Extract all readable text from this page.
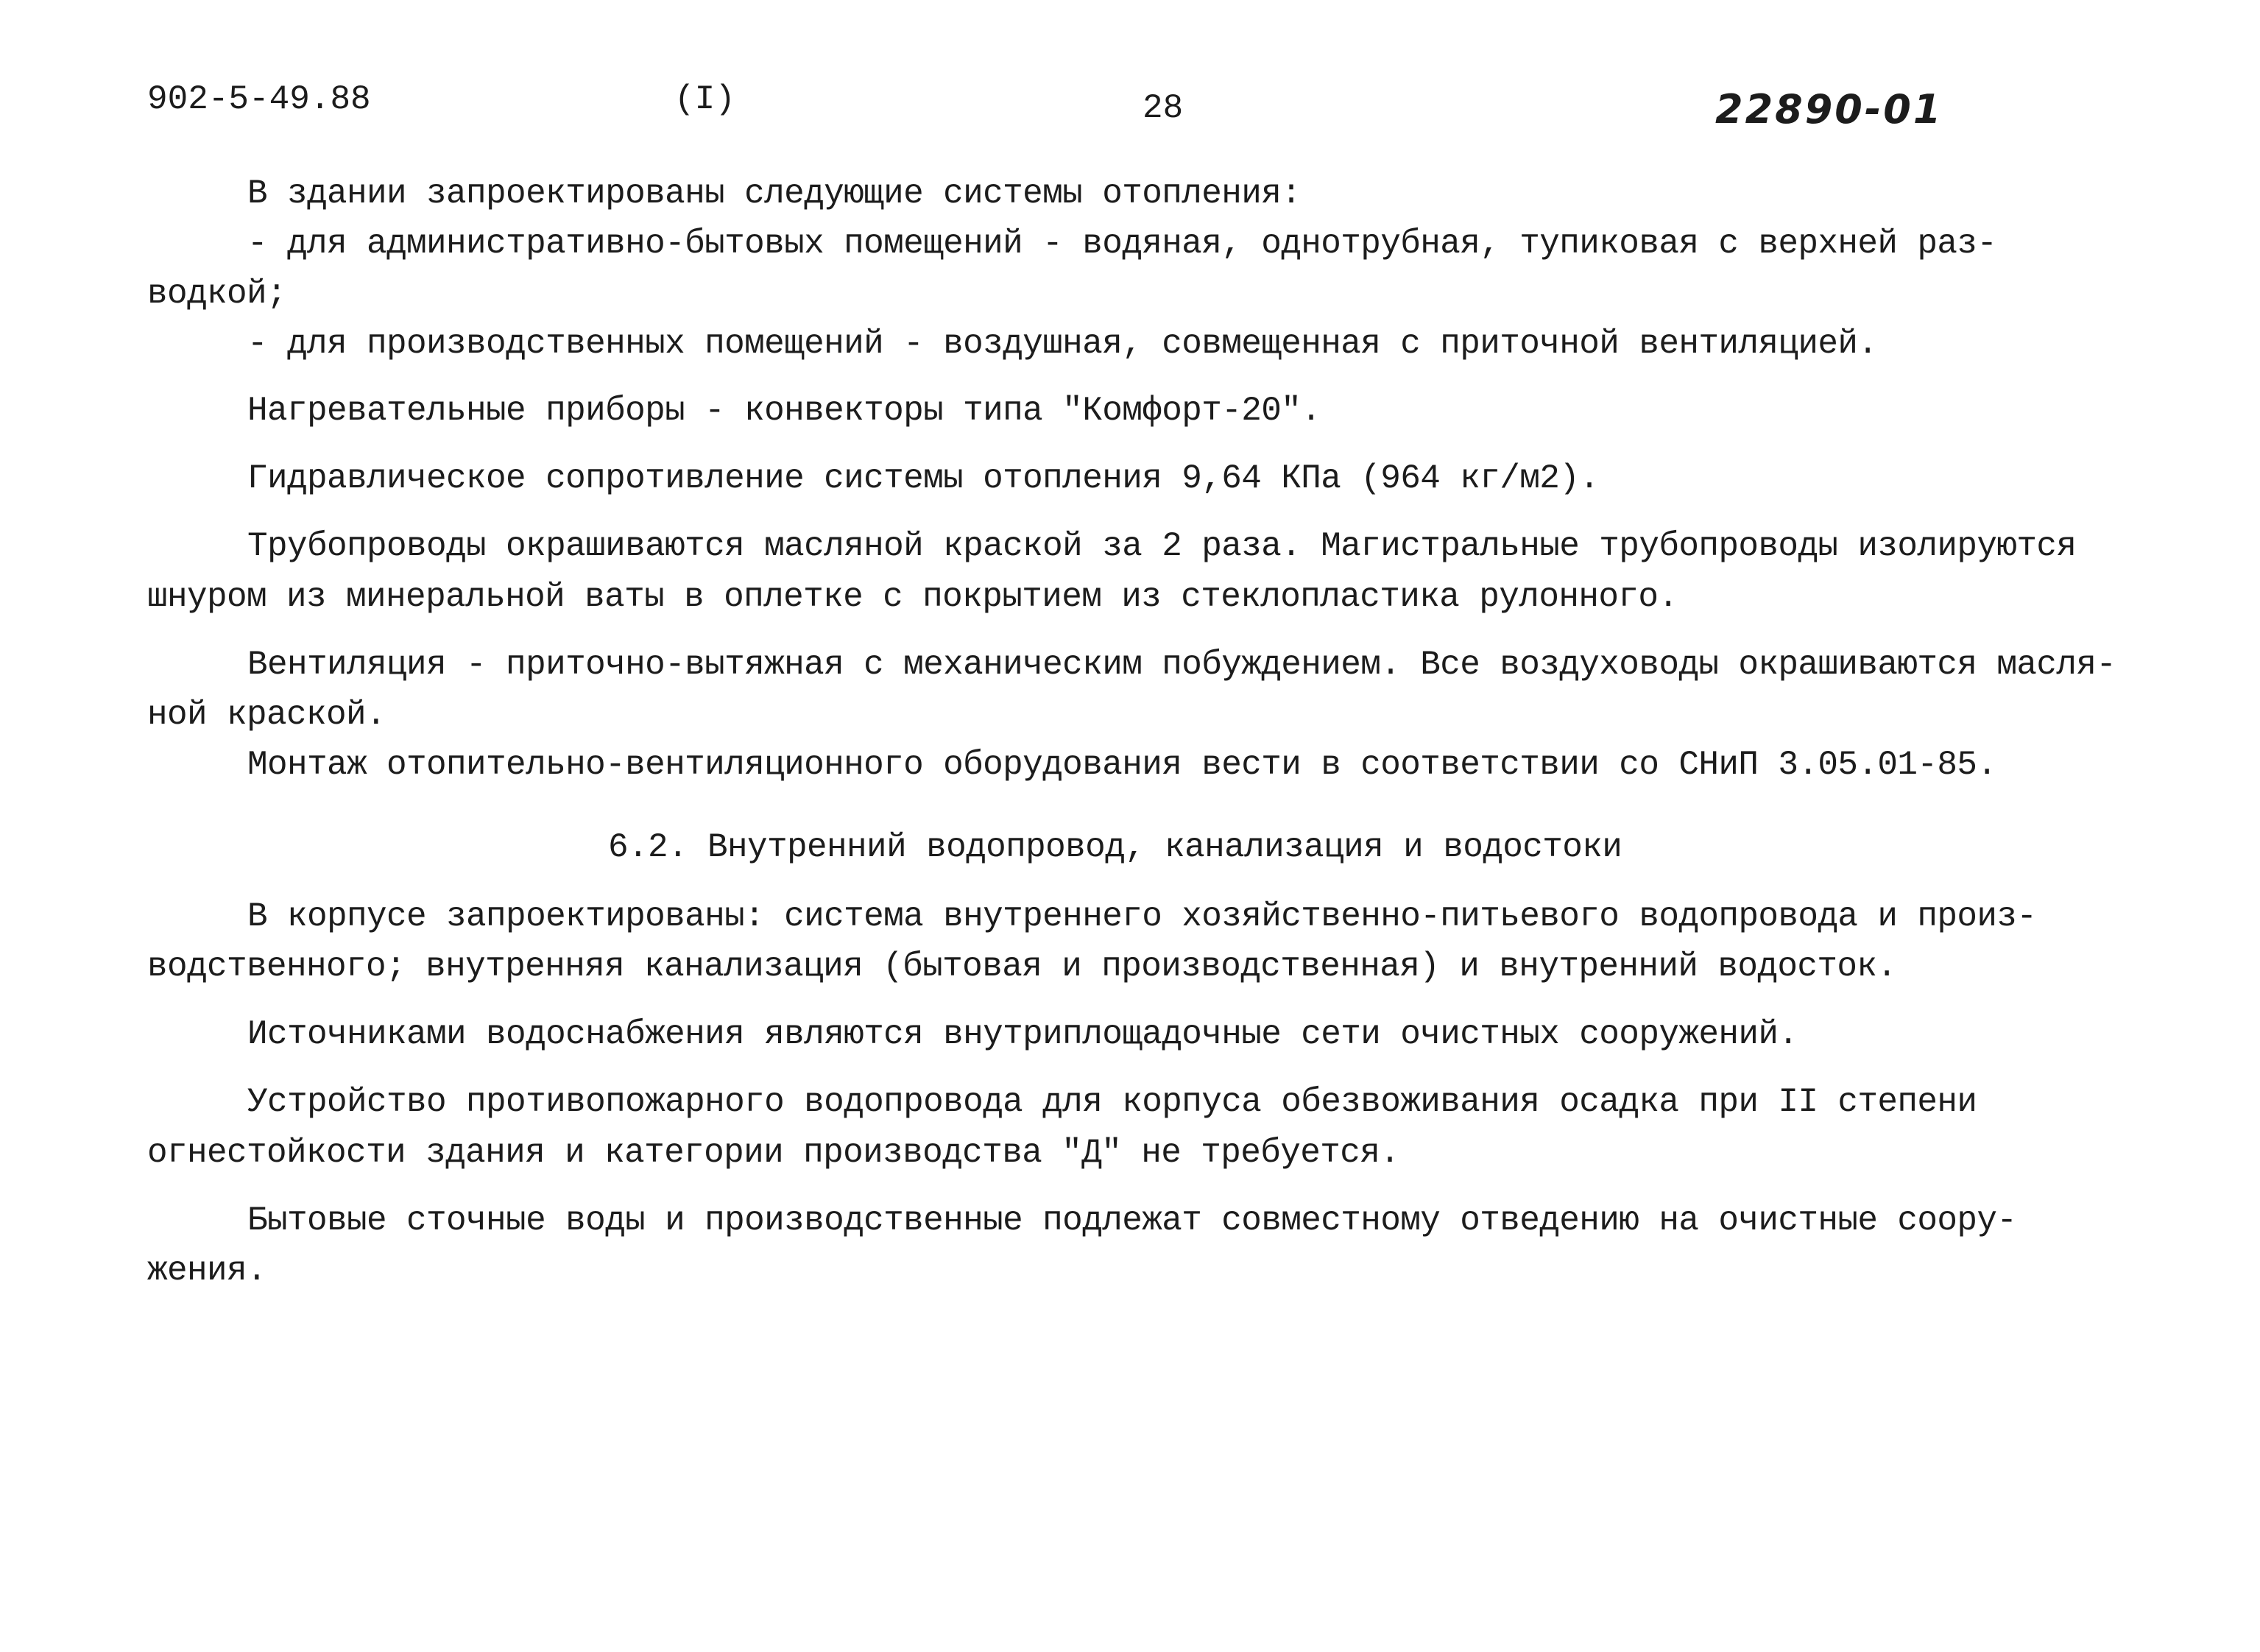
902-5-49.88	(I)	28	22890-01
В здании запроектированы следующие системы отопления:
- для административно-бытовых помещений - водяная, однотрубная, тупиковая с верхней раз-
водкой;
- для производственных помещений - воздушная, совмещенная с приточной вентиляцией.
Нагревательные приборы - конвекторы типа "Комфорт-20".
Гидравлическое сопротивление системы отопления 9,64 КПа (964 кг/м2).
Трубопроводы окрашиваются масляной краской за 2 раза. Магистральные трубопроводы изолируются
шнуром из минеральной ваты в оплетке с покрытием из стеклопластика рулонного.
Вентиляция - приточно-вытяжная с механическим побуждением. Все воздуховоды окрашиваются масля-
ной краской.
Монтаж отопительно-вентиляционного оборудования вести в соответствии со СНиП 3.05.01-85.
6.2. Внутренний водопровод, канализация и водостоки
В корпусе запроектированы: система внутреннего хозяйственно-питьевого водопровода и произ-
водственного; внутренняя канализация (бытовая и производственная) и внутренний водосток.
Источниками водоснабжения являются внутриплощадочные сети очистных сооружений.
Устройство противопожарного водопровода для корпуса обезвоживания осадка при II степени
огнестойкости здания и категории производства "Д" не требуется.
Бытовые сточные воды и производственные подлежат совместному отведению на очистные соору-
жения.
